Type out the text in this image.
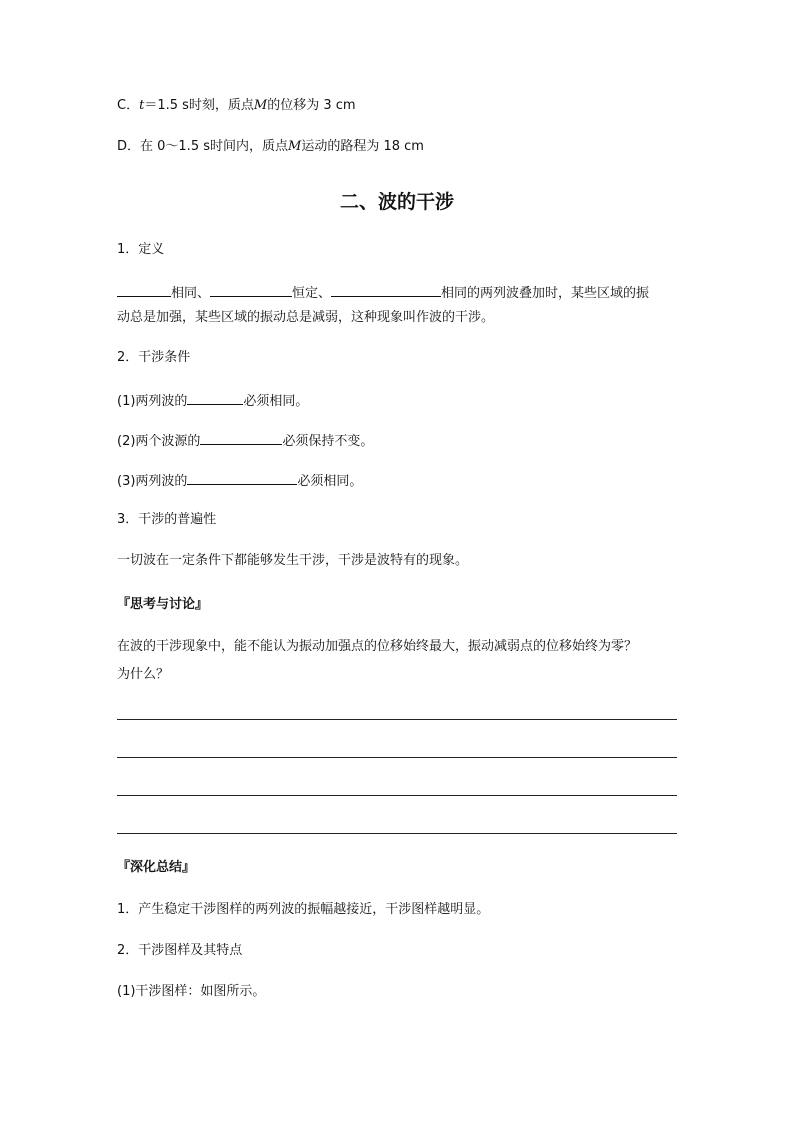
C．t＝1.5 s时刻，质点M的位移为 3 cm
D．在 0～1.5 s时间内，质点M运动的路程为 18 cm
二、波的干涉
1．定义
相同、	恒定、	相同的两列波叠加时，某些区域的振
动总是加强，某些区域的振动总是减弱，这种现象叫作波的干涉。
2．干涉条件
(1)两列波的	必须相同。
(2)两个波源的	必须保持不变。
(3)两列波的	必须相同。
3．干涉的普遍性
一切波在一定条件下都能够发生干涉，干涉是波特有的现象。
『思考与讨论』
在波的干涉现象中，能不能认为振动加强点的位移始终最大，振动减弱点的位移始终为零？
为什么？
『深化总结』
1．产生稳定干涉图样的两列波的振幅越接近，干涉图样越明显。
2．干涉图样及其特点
(1)干涉图样：如图所示。
